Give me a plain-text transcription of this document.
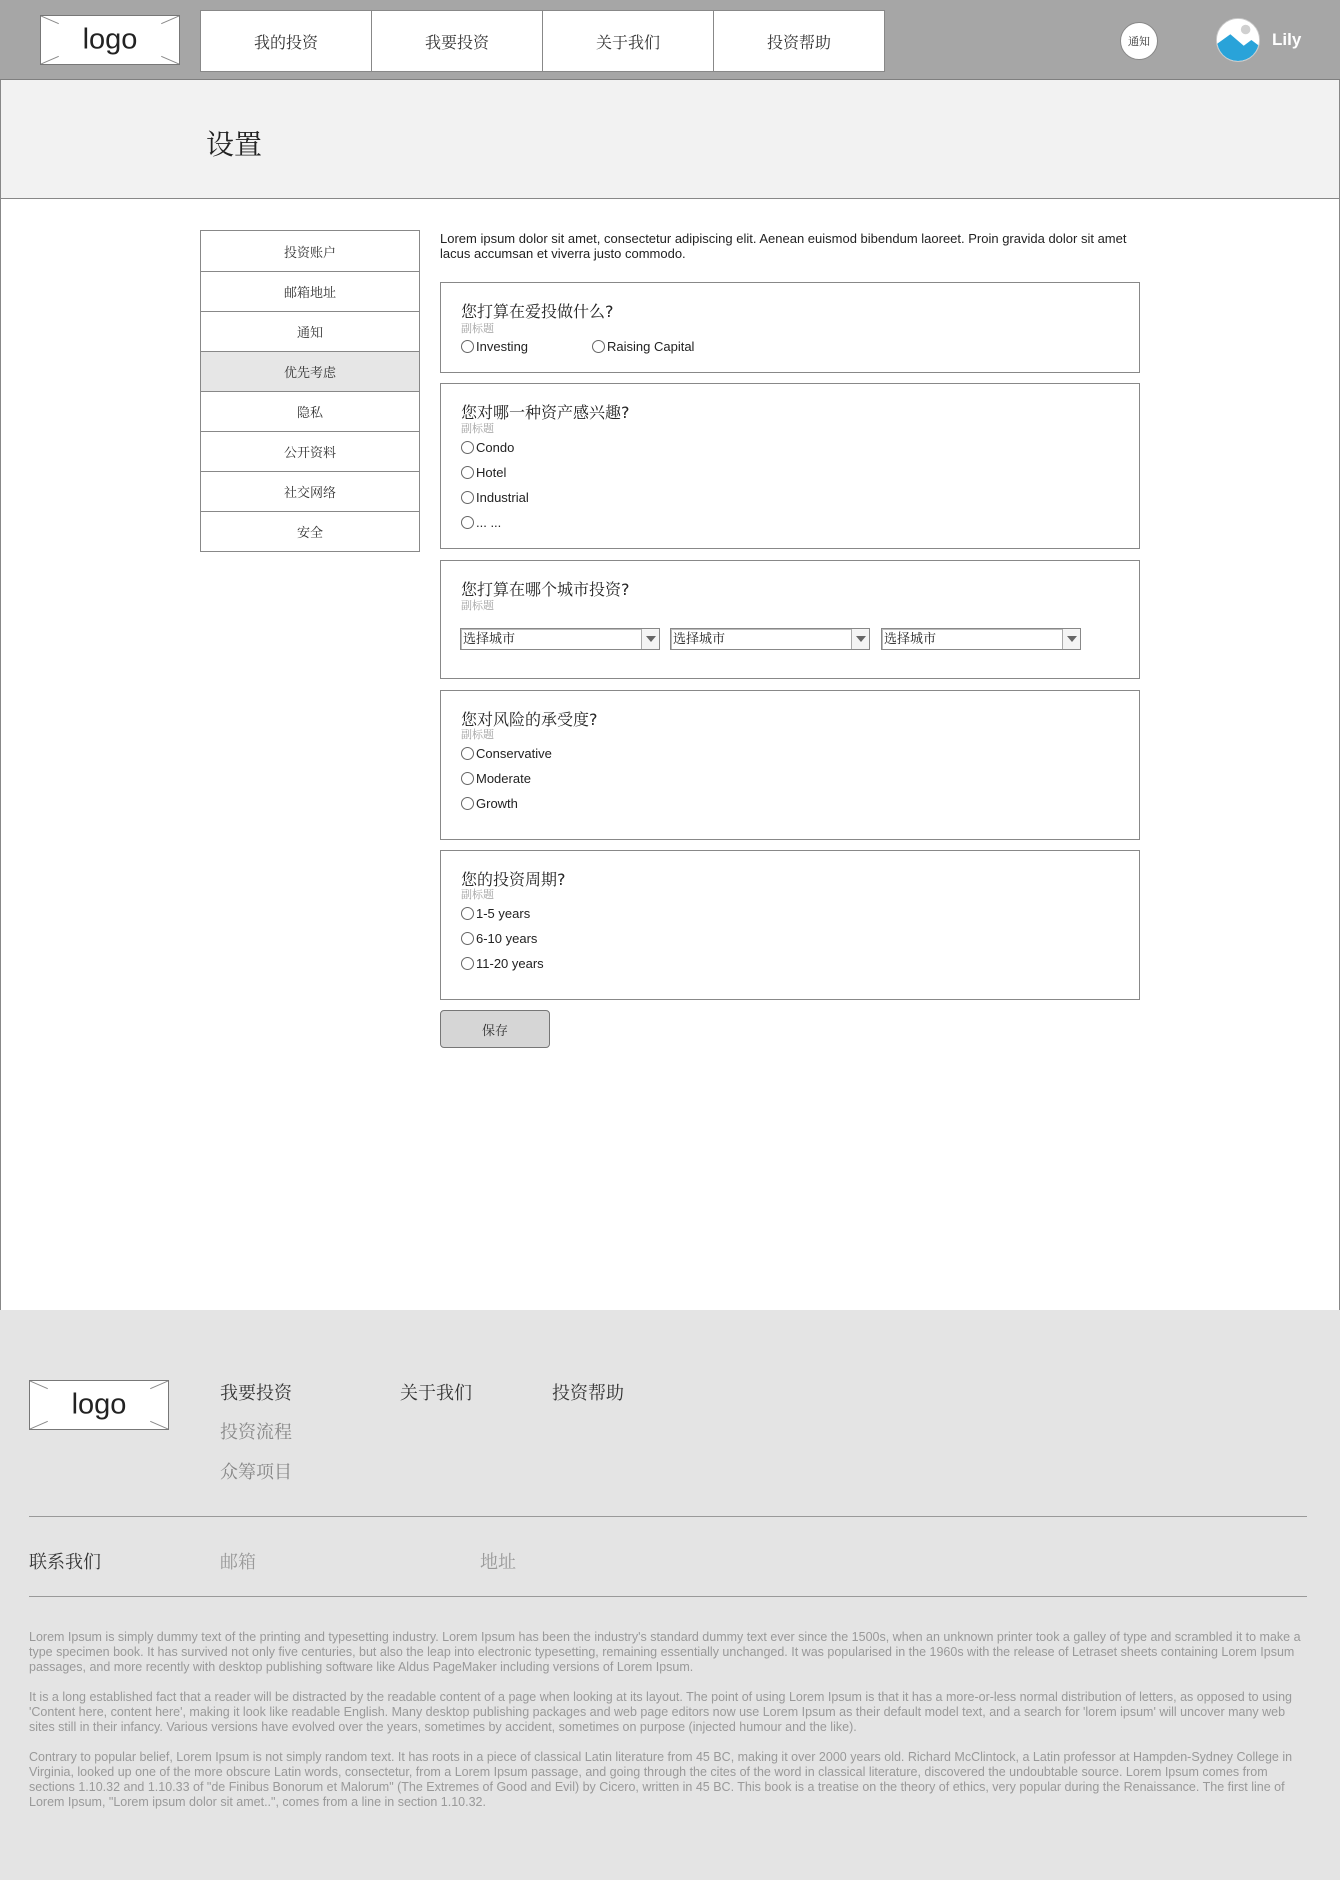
logo	我的投资	我要投资	关于我们	投资帮助	通知	Lily
设置
投资账户
邮箱地址
通知
优先考虑
隐私
公开资料
社交网络
安全
Lorem ipsum dolor sit amet, consectetur adipiscing elit. Aenean euismod bibendum laoreet. Proin gravida dolor sit amet lacus accumsan et viverra justo commodo.
您打算在爱投做什么?
副标题
Investing	Raising Capital
您对哪一种资产感兴趣?
副标题
Condo
Hotel
Industrial
... ...
您打算在哪个城市投资?
副标题
选择城市	选择城市	选择城市
您对风险的承受度?
副标题
Conservative
Moderate
Growth
您的投资周期?
副标题
1-5 years
6-10 years
11-20 years
保存
logo	我要投资
投资流程
众筹项目
关于我们	投资帮助
联系我们	邮箱	地址
Lorem Ipsum is simply dummy text of the printing and typesetting industry. Lorem Ipsum has been the industry's standard dummy text ever since the 1500s, when an unknown printer took a galley of type and scrambled it to make a type specimen book. It has survived not only five centuries, but also the leap into electronic typesetting, remaining essentially unchanged. It was popularised in the 1960s with the release of Letraset sheets containing Lorem Ipsum passages, and more recently with desktop publishing software like Aldus PageMaker including versions of Lorem Ipsum.
It is a long established fact that a reader will be distracted by the readable content of a page when looking at its layout. The point of using Lorem Ipsum is that it has a more-or-less normal distribution of letters, as opposed to using 'Content here, content here', making it look like readable English. Many desktop publishing packages and web page editors now use Lorem Ipsum as their default model text, and a search for 'lorem ipsum' will uncover many web sites still in their infancy. Various versions have evolved over the years, sometimes by accident, sometimes on purpose (injected humour and the like).
Contrary to popular belief, Lorem Ipsum is not simply random text. It has roots in a piece of classical Latin literature from 45 BC, making it over 2000 years old. Richard McClintock, a Latin professor at Hampden-Sydney College in Virginia, looked up one of the more obscure Latin words, consectetur, from a Lorem Ipsum passage, and going through the cites of the word in classical literature, discovered the undoubtable source. Lorem Ipsum comes from sections 1.10.32 and 1.10.33 of "de Finibus Bonorum et Malorum" (The Extremes of Good and Evil) by Cicero, written in 45 BC. This book is a treatise on the theory of ethics, very popular during the Renaissance. The first line of Lorem Ipsum, "Lorem ipsum dolor sit amet..", comes from a line in section 1.10.32.
